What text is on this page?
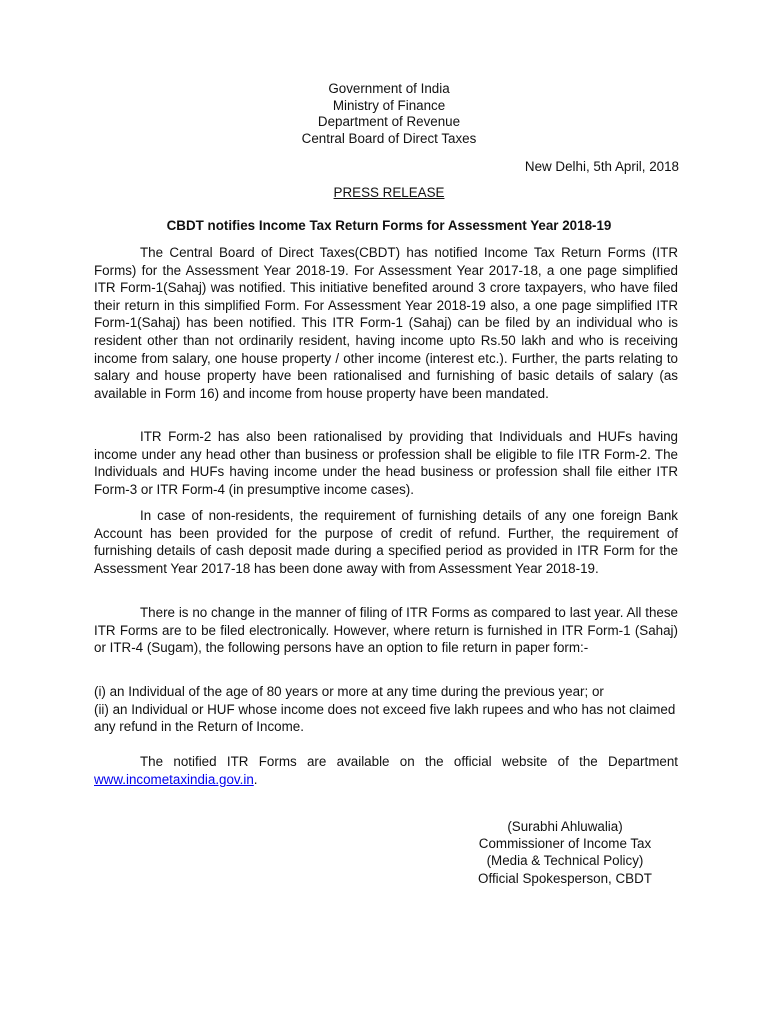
Government of India
Ministry of Finance
Department of Revenue
Central Board of Direct Taxes
New Delhi, 5th April, 2018
PRESS RELEASE
CBDT notifies Income Tax Return Forms for Assessment Year 2018-19

The Central Board of Direct Taxes(CBDT) has notified Income Tax Return Forms (ITR Forms) for the Assessment Year 2018-19. For Assessment Year 2017-18, a one page simplified ITR Form-1(Sahaj) was notified. This initiative benefited around 3 crore taxpayers, who have filed their return in this simplified Form. For Assessment Year 2018-19 also, a one page simplified ITR Form-1(Sahaj) has been notified. This ITR Form-1 (Sahaj) can be filed by an individual who is resident other than not ordinarily resident, having income upto Rs.50 lakh and who is receiving income from salary, one house property / other income (interest etc.). Further, the parts relating to salary and house property have been rationalised and furnishing of basic details of salary (as available in Form 16) and income from house property have been mandated.

ITR Form-2 has also been rationalised by providing that Individuals and HUFs having income under any head other than business or profession shall be eligible to file ITR Form-2. The Individuals and HUFs having income under the head business or profession shall file either ITR Form-3 or ITR Form-4 (in presumptive income cases).

In case of non-residents, the requirement of furnishing details of any one foreign Bank Account has been provided for the purpose of credit of refund. Further, the requirement of furnishing details of cash deposit made during a specified period as provided in ITR Form for the Assessment Year 2017-18 has been done away with from Assessment Year 2018-19.

There is no change in the manner of filing of ITR Forms as compared to last year. All these ITR Forms are to be filed electronically. However, where return is furnished in ITR Form-1 (Sahaj) or ITR-4 (Sugam), the following persons have an option to file return in paper form:-

(i) an Individual of the age of 80 years or more at any time during the previous year; or
(ii) an Individual or HUF whose income does not exceed five lakh rupees and who has not claimed any refund in the Return of Income.

The notified ITR Forms are available on the official website of the Department www.incometaxindia.gov.in.

(Surabhi Ahluwalia)
Commissioner of Income Tax
(Media & Technical Policy)
Official Spokesperson, CBDT
